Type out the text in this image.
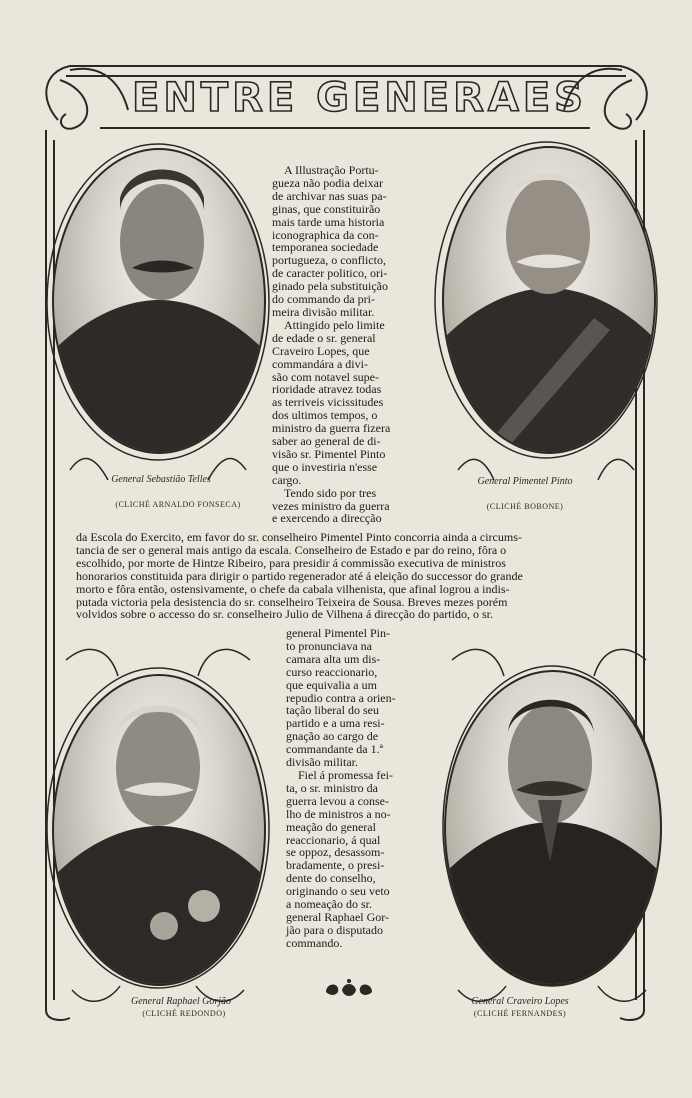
ENTRE GENERAES
General Sebastião Telles
(CLICHÉ ARNALDO FONSECA)
General Pimentel Pinto
(CLICHÉ BOBONE)
General Raphael Gorjão
(CLICHÉ REDONDO)
General Craveiro Lopes
(CLICHÉ FERNANDES)

A Illustração Portu-
gueza não podia deixar
de archivar nas suas pa-
ginas, que constituirão
mais tarde uma historia
iconographica da con-
temporanea sociedade
portugueza, o conflicto,
de caracter politico, ori-
ginado pela substituição
do commando da pri-
meira divisão militar.

Attingido pelo limite
de edade o sr. general
Craveiro Lopes, que
commandára a divi-
são com notavel supe-
rioridade atravez todas
as terriveis vicissitudes
dos ultimos tempos, o
ministro da guerra fizera
saber ao general de di-
visão sr. Pimentel Pinto
que o investiria n'esse
cargo.

Tendo sido por tres
vezes ministro da guerra
e exercendo a direcção

da Escola do Exercito, em favor do sr. conselheiro Pimentel Pinto concorria ainda a circums-
tancia de ser o general mais antigo da escala. Conselheiro de Estado e par do reino, fôra o
escolhido, por morte de Hintze Ribeiro, para presidir á commissão executiva de ministros
honorarios constituida para dirigir o partido regenerador até á eleição do successor do grande
morto e fôra então, ostensivamente, o chefe da cabala vilhenista, que afinal logrou a indis-
putada victoria pela desistencia do sr. conselheiro Teixeira de Sousa. Breves mezes porém
volvidos sobre o accesso do sr. conselheiro Julio de Vilhena á direcção do partido, o sr.

general Pimentel Pin-
to pronunciava na
camara alta um dis-
curso reaccionario,
que equivalia a um
repudio contra a orien-
tação liberal do seu
partido e a uma resi-
gnação ao cargo de
commandante da 1.ª
divisão militar.

Fiel á promessa fei-
ta, o sr. ministro da
guerra levou a conse-
lho de ministros a no-
meação do general
reaccionario, á qual
se oppoz, desassom-
bradamente, o presi-
dente do conselho,
originando o seu veto
a nomeação do sr.
general Raphael Gor-
jão para o disputado
commando.
